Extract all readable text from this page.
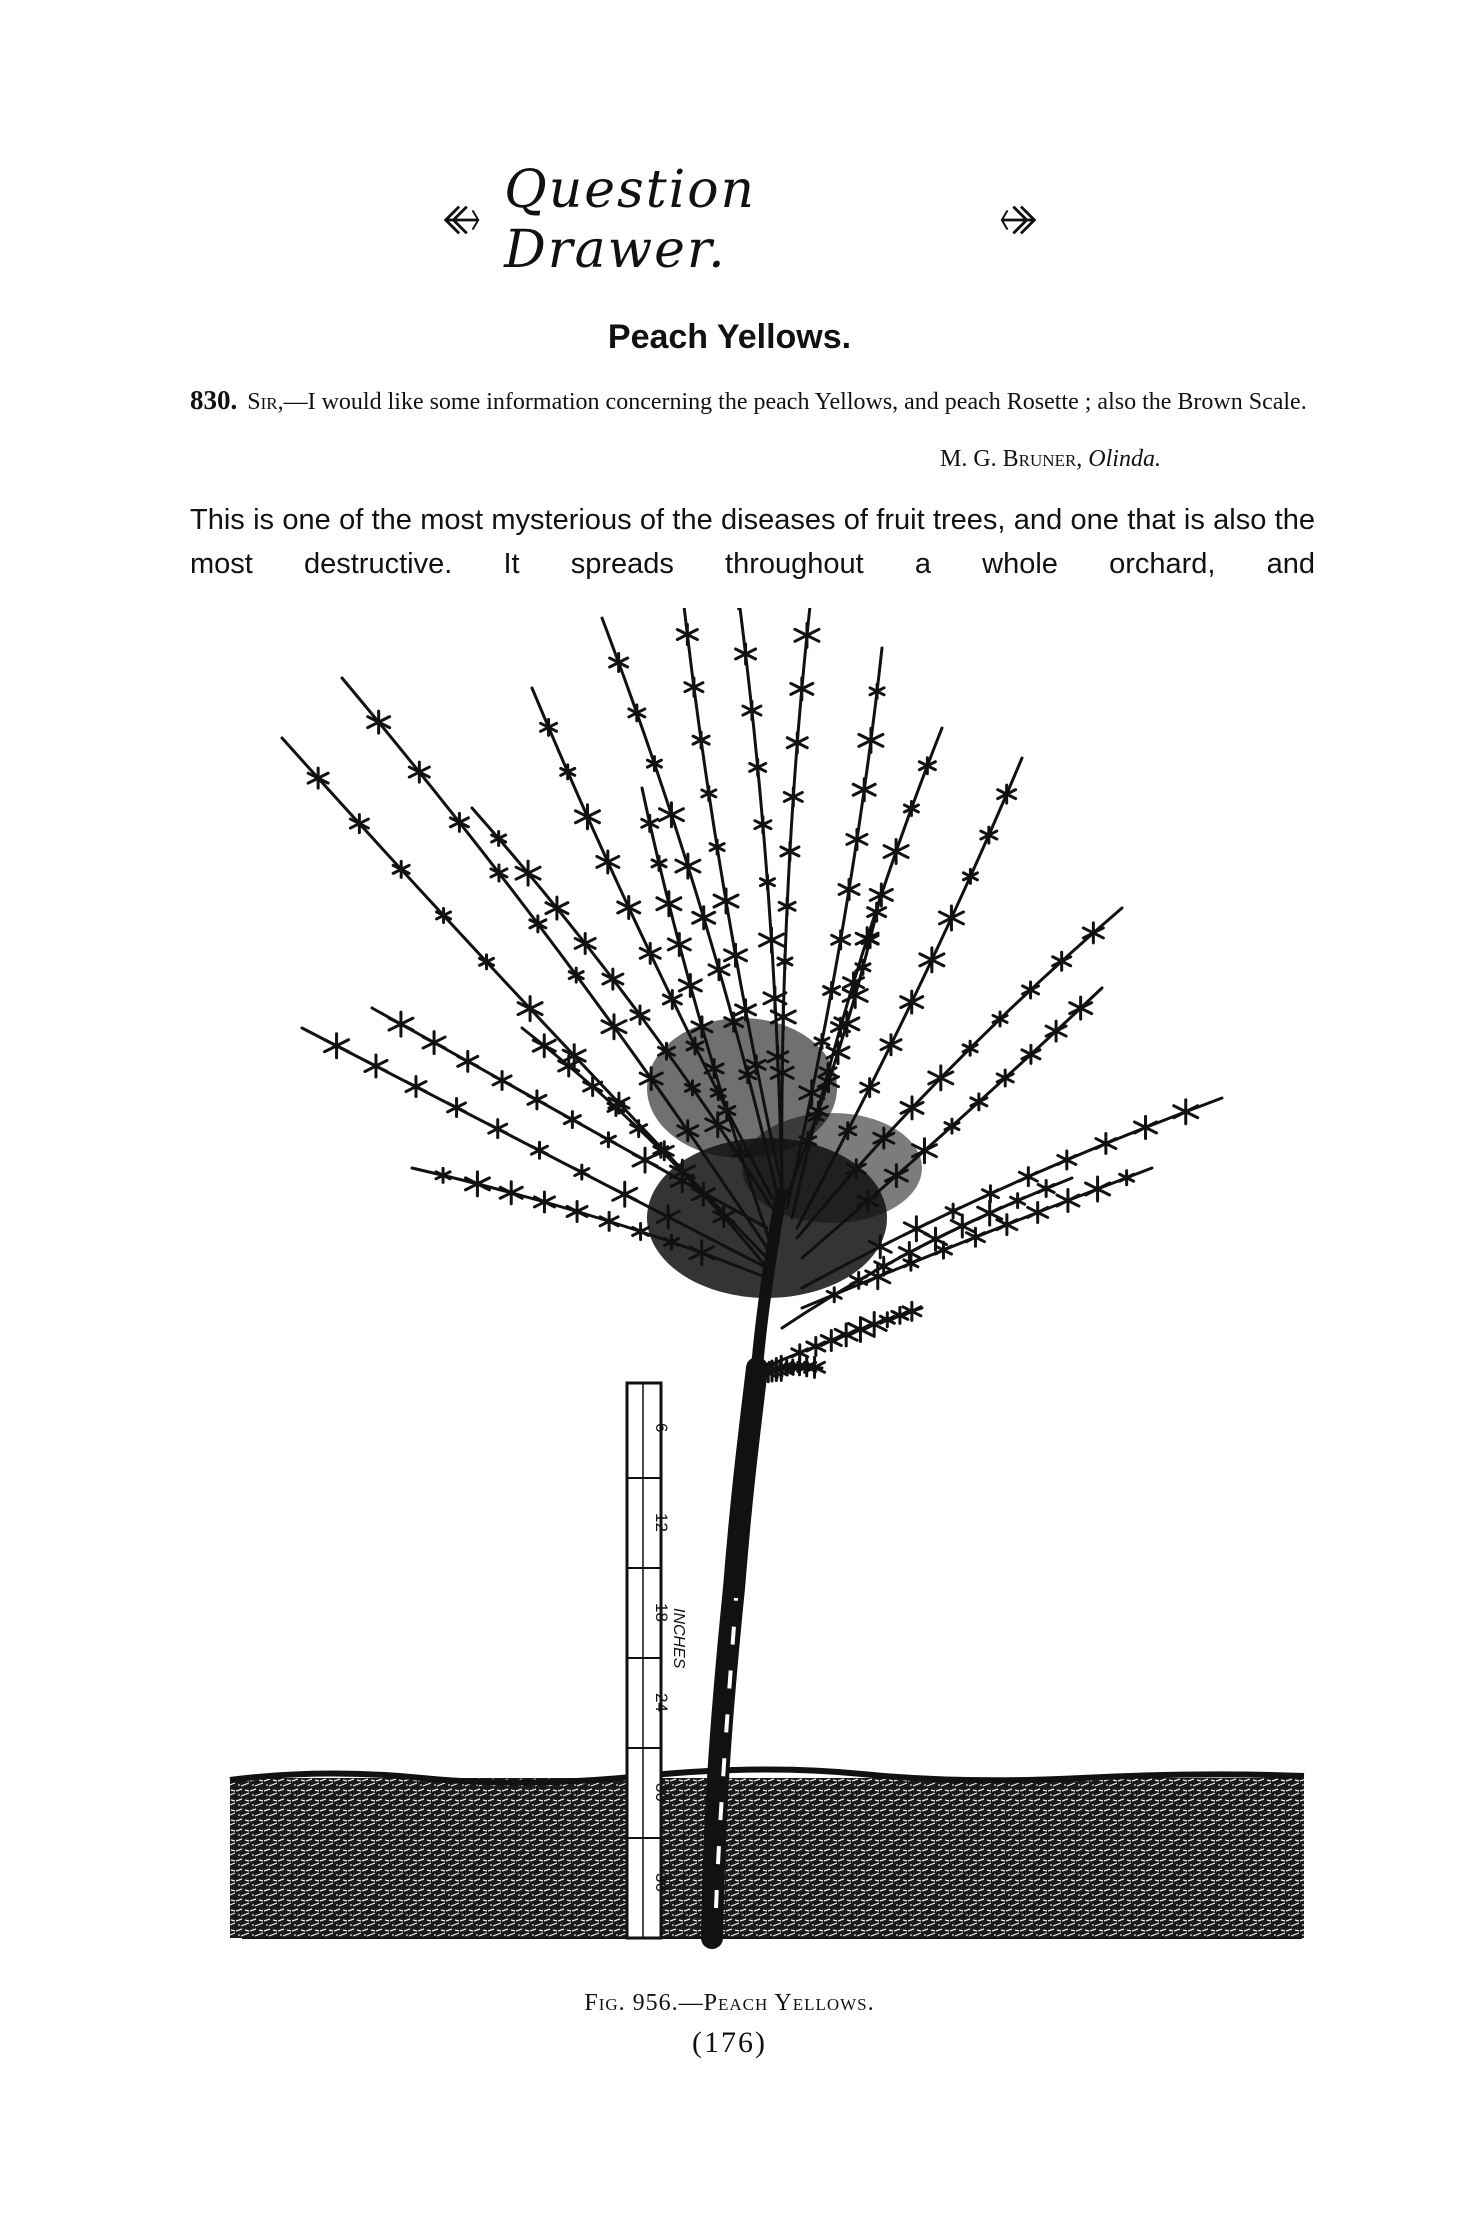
Question Drawer.
Peach Yellows.
830. Sir,—I would like some information concerning the peach Yellows, and peach Rosette ; also the Brown Scale.
M. G. Bruner, Olinda.
This is one of the most mysterious of the diseases of fruit trees, and one that is also the most destructive. It spreads throughout a whole orchard, and
6
12
18
24
30
36
INCHES
Fig. 956.—Peach Yellows.
(176)
